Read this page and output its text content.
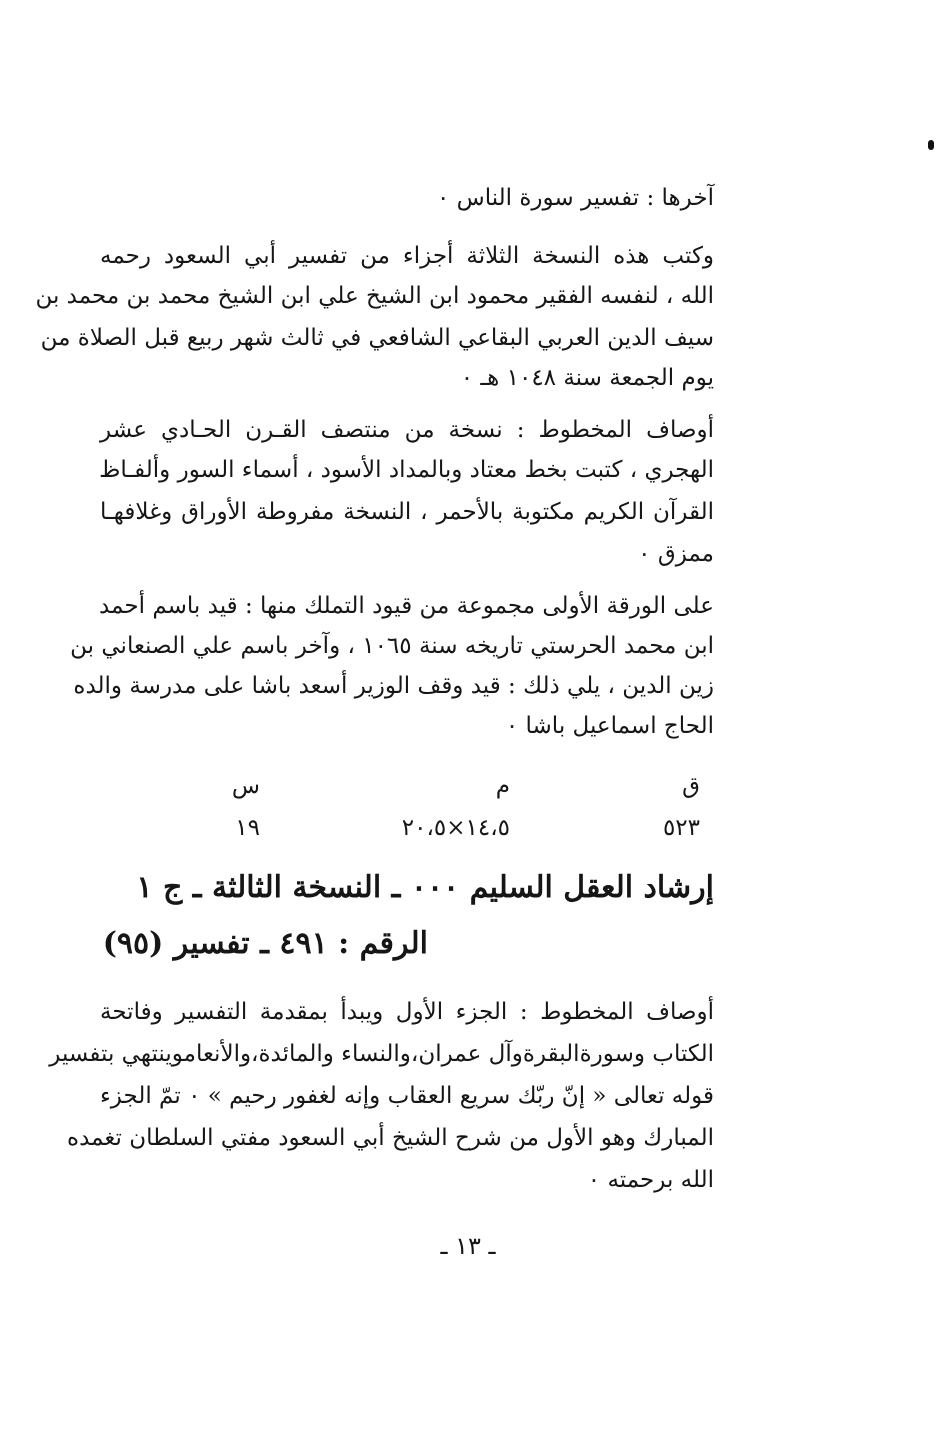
آخرها : تفسير سورة الناس ٠
وكتب هذه النسخة الثلاثة أجزاء من تفسير أبي السعود رحمه
الله ، لنفسه الفقير محمود ابن الشيخ علي ابن الشيخ محمد بن محمد بن
سيف الدين العربي البقاعي الشافعي في ثالث شهر ربيع قبل الصلاة من
يوم الجمعة سنة ١٠٤٨ هـ ٠
أوصاف المخطوط : نسخة من منتصف القـرن الحـادي عشر
الهجري ، كتبت بخط معتاد وبالمداد الأسود ، أسماء السور وألفـاظ
القرآن الكريم مكتوبة بالأحمر ، النسخة مفروطة الأوراق وغلافهـا
ممزق ٠
على الورقة الأولى مجموعة من قيود التملك منها : قيد باسم أحمد
ابن محمد الحرستي تاريخه سنة ١٠٦٥ ، وآخر باسم علي الصنعاني بن
زين الدين ، يلي ذلك : قيد وقف الوزير أسعد باشا على مدرسة والده
الحاج اسماعيل باشا ٠
ق
م
س
٥٢٣
١٤،٥×٢٠،٥
١٩
إرشاد العقل السليم ٠٠٠ ـ النسخة الثالثة ـ ج ١
الرقم : ٤٩١ ـ تفسير (٩٥)
أوصاف المخطوط : الجزء الأول ويبدأ بمقدمة التفسير وفاتحة
الكتاب وسورةالبقرةوآل عمران،والنساء والمائدة،والأنعاموينتهي بتفسير
قوله تعالى « إنّ ربّك سريع العقاب وإنه لغفور رحيم » ٠ تمّ الجزء
المبارك وهو الأول من شرح الشيخ أبي السعود مفتي السلطان تغمده
الله برحمته ٠
ـ ١٣ ـ
